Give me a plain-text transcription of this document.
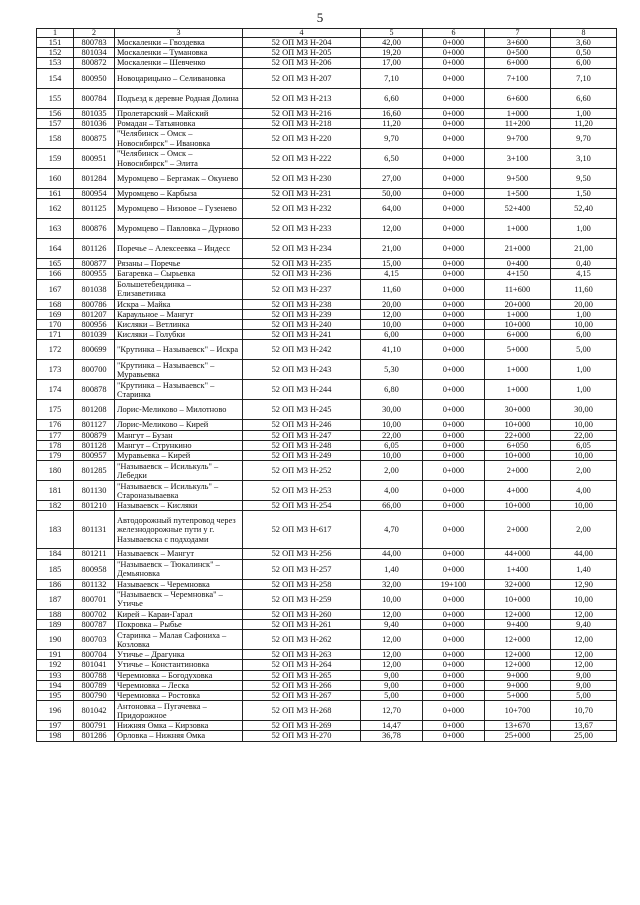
5
1	2	3	4	5	6	7	8
151	800783	Москаленки – Гвоздевка	52 ОП МЗ Н-204	42,00	0+000	3+600	3,60
152	801034	Москаленки – Тумановка	52 ОП МЗ Н-205	19,20	0+000	0+500	0,50
153	800872	Москаленки – Шевченко	52 ОП МЗ Н-206	17,00	0+000	6+000	6,00
154	800950	Новоцарицыно – Селивановка	52 ОП МЗ Н-207	7,10	0+000	7+100	7,10
155	800784	Подъезд к деревне Родная Долина	52 ОП МЗ Н-213	6,60	0+000	6+600	6,60
156	801035	Пролетарский – Майский	52 ОП МЗ Н-216	16,60	0+000	1+000	1,00
157	801036	Ромадан – Татьяновка	52 ОП МЗ Н-218	11,20	0+000	11+200	11,20
158	800875	"Челябинск – Омск – Новосибирск" – Ивановка	52 ОП МЗ Н-220	9,70	0+000	9+700	9,70
159	800951	"Челябинск – Омск – Новосибирск" – Элита	52 ОП МЗ Н-222	6,50	0+000	3+100	3,10
160	801284	Муромцево – Бергамак – Окунево	52 ОП МЗ Н-230	27,00	0+000	9+500	9,50
161	800954	Муромцево – Карбыза	52 ОП МЗ Н-231	50,00	0+000	1+500	1,50
162	801125	Муромцево – Низовое – Гузенево	52 ОП МЗ Н-232	64,00	0+000	52+400	52,40
163	800876	Муромцево – Павловка – Дурново	52 ОП МЗ Н-233	12,00	0+000	1+000	1,00
164	801126	Поречье – Алексеевка – Индесс	52 ОП МЗ Н-234	21,00	0+000	21+000	21,00
165	800877	Рязаны – Поречье	52 ОП МЗ Н-235	15,00	0+000	0+400	0,40
166	800955	Багаревка – Сырьевка	52 ОП МЗ Н-236	4,15	0+000	4+150	4,15
167	801038	Большетебендинка – Елизаветинка	52 ОП МЗ Н-237	11,60	0+000	11+600	11,60
168	800786	Искра – Майка	52 ОП МЗ Н-238	20,00	0+000	20+000	20,00
169	801207	Караульное – Мангут	52 ОП МЗ Н-239	12,00	0+000	1+000	1,00
170	800956	Кисляки – Ветлинка	52 ОП МЗ Н-240	10,00	0+000	10+000	10,00
171	801039	Кисляки – Голубки	52 ОП МЗ Н-241	6,00	0+000	6+000	6,00
172	800699	"Крутинка – Называевск" – Искра	52 ОП МЗ Н-242	41,10	0+000	5+000	5,00
173	800700	"Крутинка – Называевск" – Муравьевка	52 ОП МЗ Н-243	5,30	0+000	1+000	1,00
174	800878	"Крутинка – Называевск" – Старинка	52 ОП МЗ Н-244	6,80	0+000	1+000	1,00
175	801208	Лорис-Меликово – Милотново	52 ОП МЗ Н-245	30,00	0+000	30+000	30,00
176	801127	Лорис-Меликово – Кирей	52 ОП МЗ Н-246	10,00	0+000	10+000	10,00
177	800879	Мангут – Бузан	52 ОП МЗ Н-247	22,00	0+000	22+000	22,00
178	801128	Мангут – Стрункино	52 ОП МЗ Н-248	6,05	0+000	6+050	6,05
179	800957	Муравьевка – Кирей	52 ОП МЗ Н-249	10,00	0+000	10+000	10,00
180	801285	"Называевск – Исилькуль" – Лебедки	52 ОП МЗ Н-252	2,00	0+000	2+000	2,00
181	801130	"Называевск – Исилькуль" – Староназываевка	52 ОП МЗ Н-253	4,00	0+000	4+000	4,00
182	801210	Называевск – Кисляки	52 ОП МЗ Н-254	66,00	0+000	10+000	10,00
183	801131	Автодорожный путепровод через железнодорожные пути у г. Называевска с подходами	52 ОП МЗ Н-617	4,70	0+000	2+000	2,00
184	801211	Называевск – Мангут	52 ОП МЗ Н-256	44,00	0+000	44+000	44,00
185	800958	"Называевск – Тюкалинск" – Демьяновка	52 ОП МЗ Н-257	1,40	0+000	1+400	1,40
186	801132	Называевск – Черемновка	52 ОП МЗ Н-258	32,00	19+100	32+000	12,90
187	800701	"Называевск – Черемновка" – Утичье	52 ОП МЗ Н-259	10,00	0+000	10+000	10,00
188	800702	Кирей – Караи-Гарал	52 ОП МЗ Н-260	12,00	0+000	12+000	12,00
189	800787	Покровка – Рыбье	52 ОП МЗ Н-261	9,40	0+000	9+400	9,40
190	800703	Старинка – Малая Сафониха – Козловка	52 ОП МЗ Н-262	12,00	0+000	12+000	12,00
191	800704	Утичье – Драгунка	52 ОП МЗ Н-263	12,00	0+000	12+000	12,00
192	801041	Утичье – Константиновка	52 ОП МЗ Н-264	12,00	0+000	12+000	12,00
193	800788	Черемновка – Богодуховка	52 ОП МЗ Н-265	9,00	0+000	9+000	9,00
194	800789	Черемновка – Леска	52 ОП МЗ Н-266	9,00	0+000	9+000	9,00
195	800790	Черемновка – Ростовка	52 ОП МЗ Н-267	5,00	0+000	5+000	5,00
196	801042	Антоновка – Пугачевка – Придорожное	52 ОП МЗ Н-268	12,70	0+000	10+700	10,70
197	800791	Нижняя Омка – Кирзовка	52 ОП МЗ Н-269	14,47	0+000	13+670	13,67
198	801286	Орловка – Нижняя Омка	52 ОП МЗ Н-270	36,78	0+000	25+000	25,00
